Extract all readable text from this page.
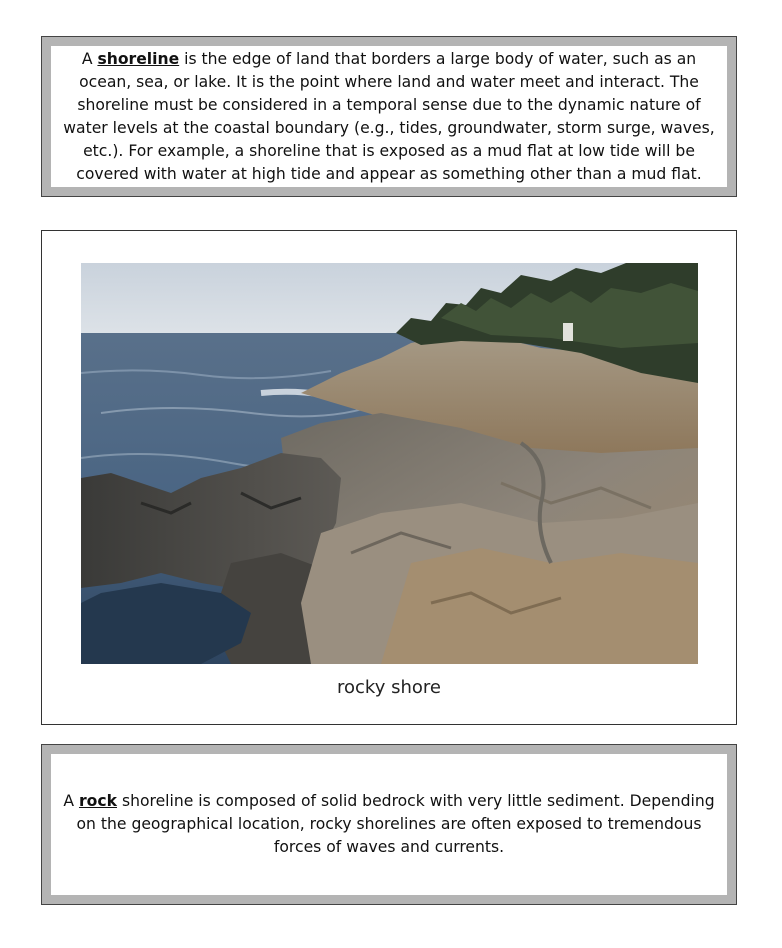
A shoreline is the edge of land that borders a large body of water, such as an ocean, sea, or lake. It is the point where land and water meet and interact. The shoreline must be considered in a temporal sense due to the dynamic nature of water levels at the coastal boundary (e.g., tides, groundwater, storm surge, waves, etc.). For example, a shoreline that is exposed as a mud flat at low tide will be covered with water at high tide and appear as something other than a mud flat.

rocky shore

A rock shoreline is composed of solid bedrock with very little sediment. Depending on the geographical location, rocky shorelines are often exposed to tremendous forces of waves and currents.
